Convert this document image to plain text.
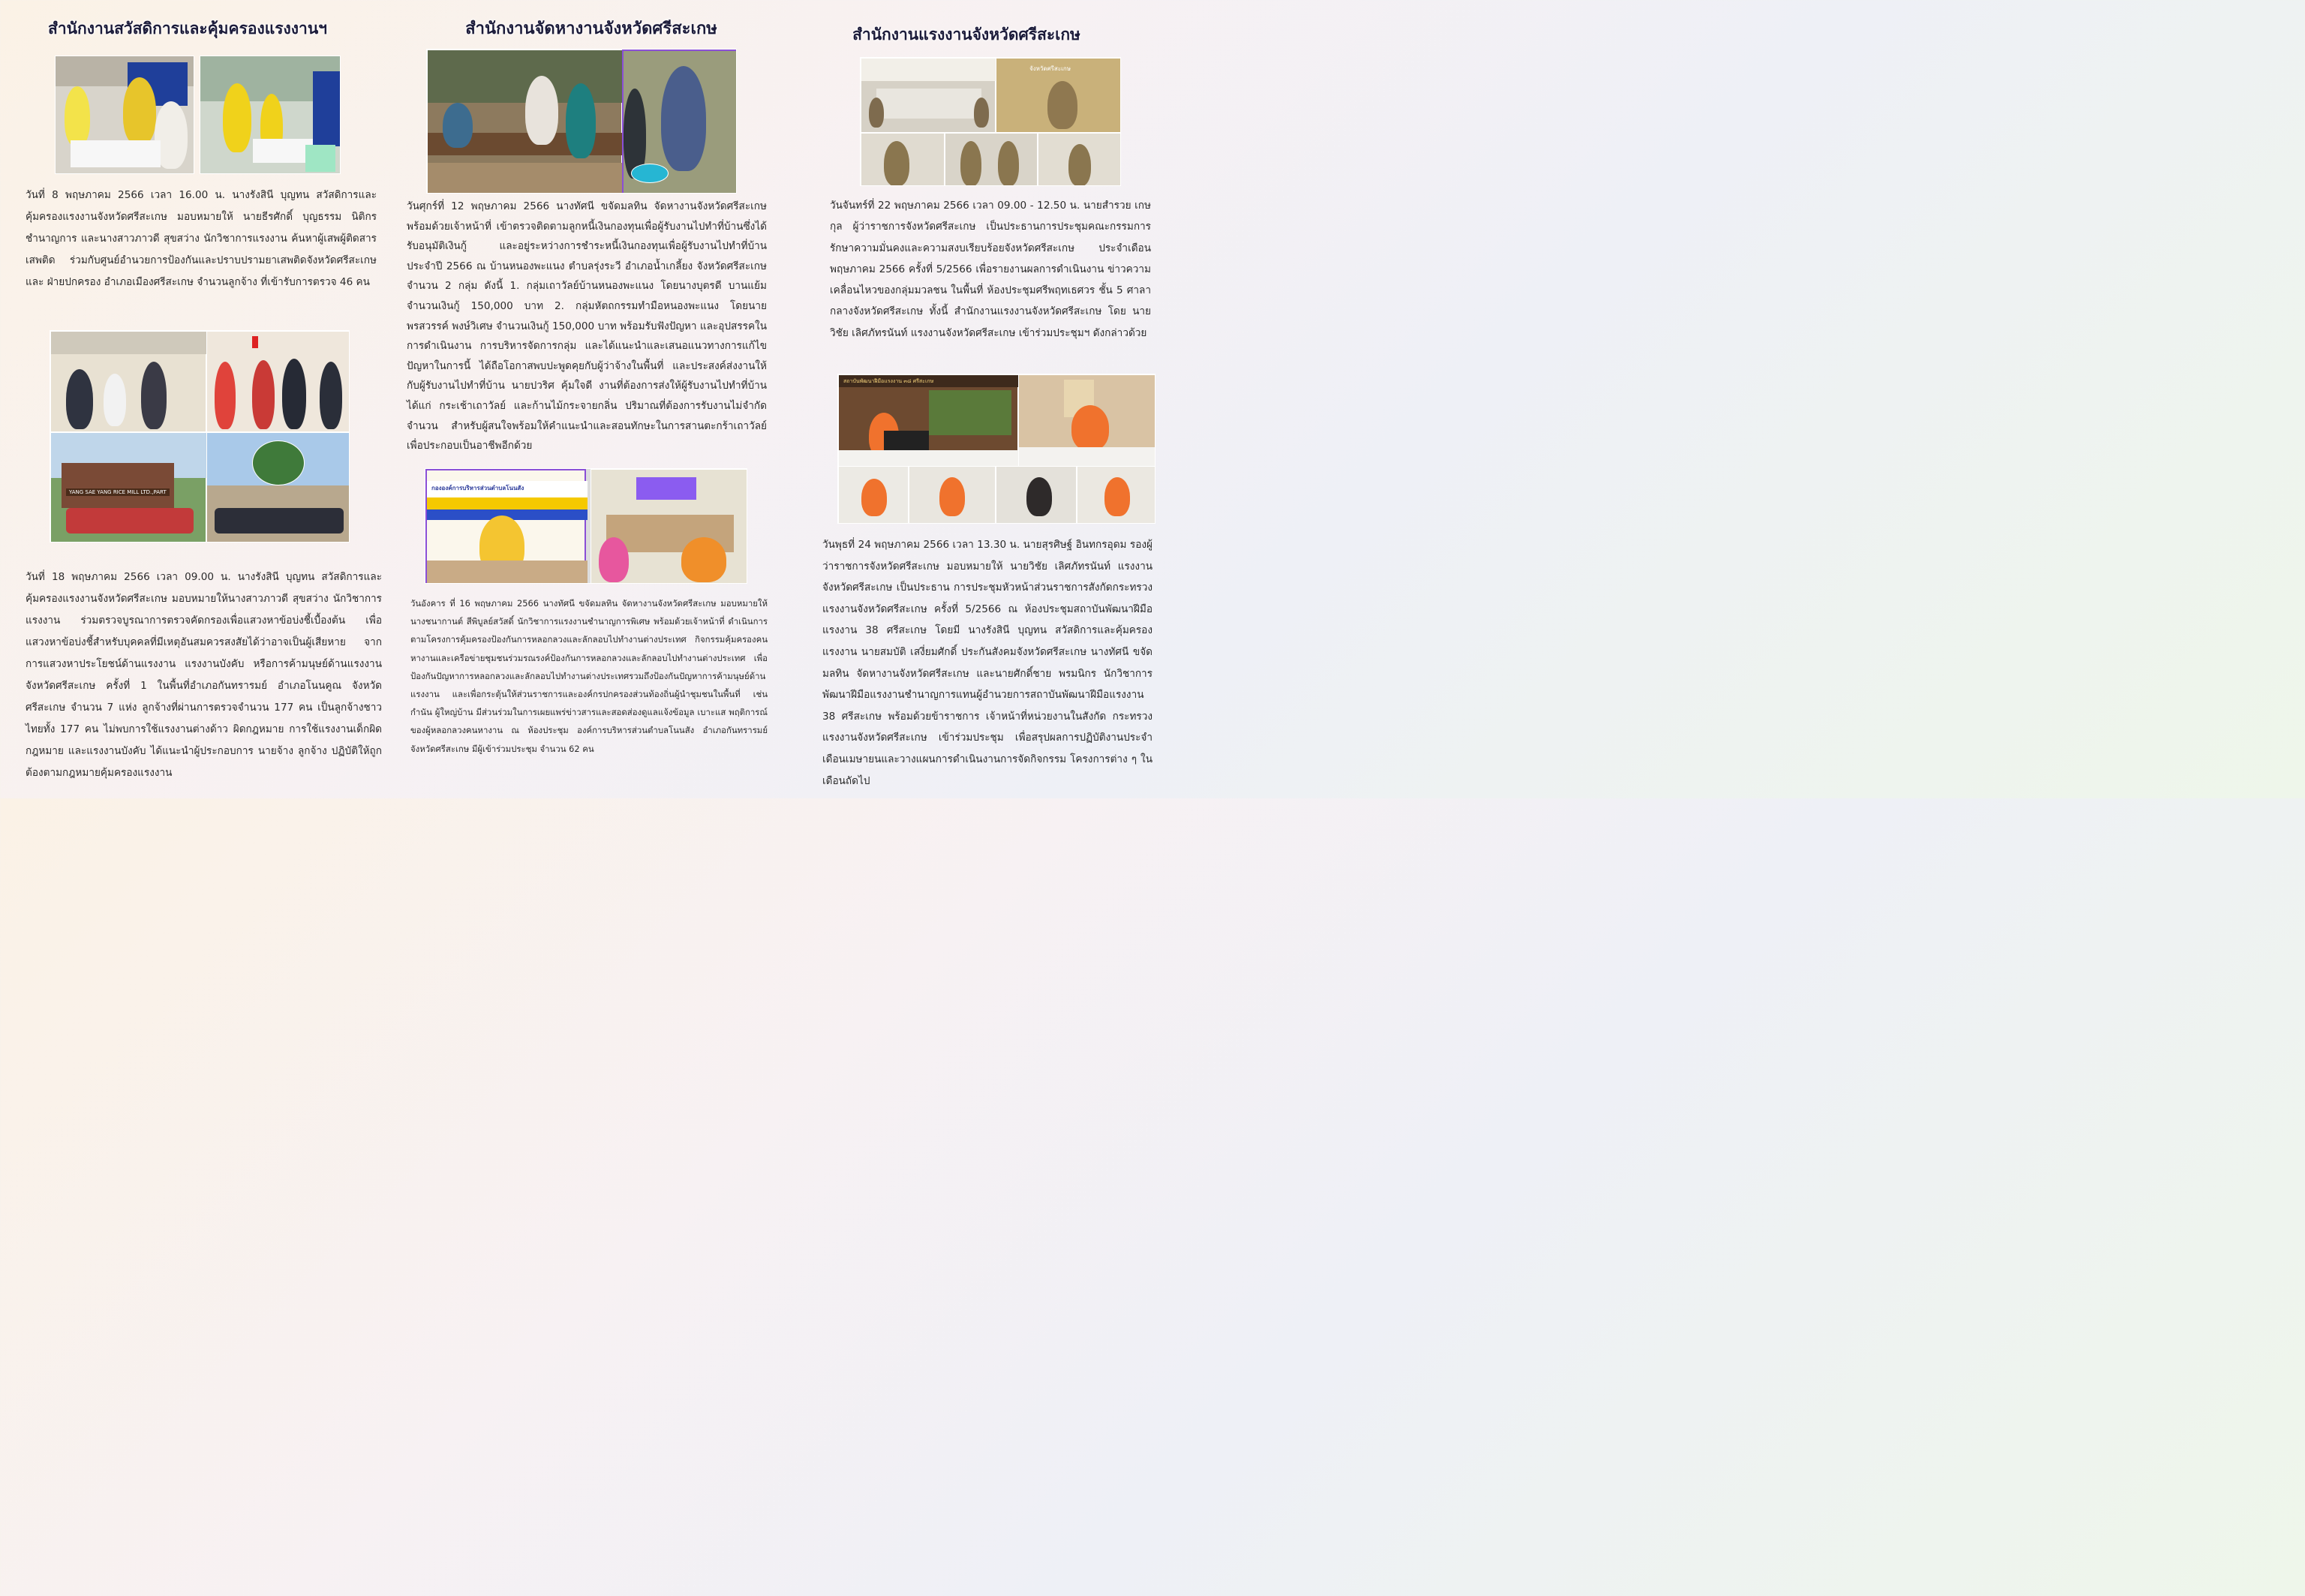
สำนักงานสวัสดิการและคุ้มครองแรงงานฯ

วันที่ 8 พฤษภาคม 2566 เวลา 16.00 น. นางรังสินี บุญทน สวัสดิการและคุ้มครองแรงงานจังหวัดศรีสะเกษ มอบหมายให้ นายธีรศักดิ์ บุญธรรม นิติกรชำนาญการ และนางสาวภาวดี สุขสว่าง นักวิชาการแรงงาน ค้นหาผู้เสพผู้ติดสารเสพติด ร่วมกับศูนย์อำนวยการป้องกันและปราบปรามยาเสพติดจังหวัดศรีสะเกษ และ ฝ่ายปกครอง อำเภอเมืองศรีสะเกษ จำนวนลูกจ้าง ที่เข้ารับการตรวจ 46 คน

YANG SAE YANG RICE MILL LTD.,PART

วันที่ 18 พฤษภาคม 2566 เวลา 09.00 น. นางรังสินี บุญทน สวัสดิการและคุ้มครองแรงงานจังหวัดศรีสะเกษ มอบหมายให้นางสาวภาวดี สุขสว่าง นักวิชาการแรงงาน ร่วมตรวจบูรณาการตรวจคัดกรองเพื่อแสวงหาข้อบ่งชี้เบื้องต้น เพื่อแสวงหาข้อบ่งชี้สำหรับบุคคลที่มีเหตุอันสมควรสงสัยได้ว่าอาจเป็นผู้เสียหาย จากการแสวงหาประโยชน์ด้านแรงงาน แรงงานบังคับ หรือการค้ามนุษย์ด้านแรงงาน จังหวัดศรีสะเกษ ครั้งที่ 1 ในพื้นที่อำเภอกันทรารมย์ อำเภอโนนคูณ จังหวัดศรีสะเกษ จำนวน 7 แห่ง ลูกจ้างที่ผ่านการตรวจจำนวน 177 คน เป็นลูกจ้างชาวไทยทั้ง 177 คน ไม่พบการใช้แรงงานต่างด้าว ผิดกฎหมาย การใช้แรงงานเด็กผิดกฎหมาย และแรงงานบังคับ ได้แนะนำผู้ประกอบการ นายจ้าง ลูกจ้าง ปฏิบัติให้ถูกต้องตามกฎหมายคุ้มครองแรงงาน

สำนักงานจัดหางานจังหวัดศรีสะเกษ

วันศุกร์ที่ 12 พฤษภาคม 2566 นางทัศนี ขจัดมลทิน จัดหางานจังหวัดศรีสะเกษ พร้อมด้วยเจ้าหน้าที่ เข้าตรวจติดตามลูกหนี้เงินกองทุนเพื่อผู้รับงานไปทำที่บ้านซึ่งได้รับอนุมัติเงินกู้ และอยู่ระหว่างการชำระหนี้เงินกองทุนเพื่อผู้รับงานไปทำที่บ้าน ประจำปี 2566 ณ บ้านหนองพะแนง ตำบลรุ่งระวี อำเภอน้ำเกลี้ยง จังหวัดศรีสะเกษ จำนวน 2 กลุ่ม ดังนี้ 1. กลุ่มเถาวัลย์บ้านหนองพะแนง โดยนางบุตรดี บานแย้ม จำนวนเงินกู้ 150,000 บาท 2. กลุ่มหัตถกรรมทำมือหนองพะแนง โดยนายพรสวรรค์ พงษ์วิเศษ จำนวนเงินกู้ 150,000 บาท พร้อมรับฟังปัญหา และอุปสรรคในการดำเนินงาน การบริหารจัดการกลุ่ม และได้แนะนำและเสนอแนวทางการแก้ไขปัญหาในการนี้ ได้ถือโอกาสพบปะพูดคุยกับผู้ว่าจ้างในพื้นที่ และประสงค์ส่งงานให้กับผู้รับงานไปทำที่บ้าน นายปวริศ คุ้มใจดี งานที่ต้องการส่งให้ผู้รับงานไปทำที่บ้าน ได้แก่ กระเช้าเถาวัลย์ และก้านไม้กระจายกลิ่น ปริมาณที่ต้องการรับงานไม่จำกัดจำนวน สำหรับผู้สนใจพร้อมให้คำแนะนำและสอนทักษะในการสานตะกร้าเถาวัลย์ เพื่อประกอบเป็นอาชีพอีกด้วย

กององค์การบริหารส่วนตำบลโนนสัง

วันอังคาร ที่ 16 พฤษภาคม 2566 นางทัศนี ขจัดมลทิน จัดหางานจังหวัดศรีสะเกษ มอบหมายให้ นางชนากานต์ สีพิบูลย์สวัสดิ์ นักวิชาการแรงงานชำนาญการพิเศษ พร้อมด้วยเจ้าหน้าที่ ดำเนินการตามโครงการคุ้มครองป้องกันการหลอกลวงและลักลอบไปทำงานต่างประเทศ กิจกรรมคุ้มครองคนหางานและเครือข่ายชุมชนร่วมรณรงค์ป้องกันการหลอกลวงและลักลอบไปทำงานต่างประเทศ เพื่อป้องกันปัญหาการหลอกลวงและลักลอบไปทำงานต่างประเทศรวมถึงป้องกันปัญหาการค้ามนุษย์ด้านแรงงาน และเพื่อกระตุ้นให้ส่วนราชการและองค์กรปกครองส่วนท้องถิ่นผู้นำชุมชนในพื้นที่ เช่น กำนัน ผู้ใหญ่บ้าน มีส่วนร่วมในการเผยแพร่ข่าวสารและสอดส่องดูแลแจ้งข้อมูล เบาะแส พฤติการณ์ของผู้หลอกลวงคนหางาน ณ ห้องประชุม องค์การบริหารส่วนตำบลโนนสัง อำเภอกันทรารมย์ จังหวัดศรีสะเกษ มีผู้เข้าร่วมประชุม จำนวน 62 คน

สำนักงานแรงงานจังหวัดศรีสะเกษ
จังหวัดศรีสะเกษ

วันจันทร์ที่ 22 พฤษภาคม 2566 เวลา 09.00 - 12.50 น. นายสำรวย เกษกุล ผู้ว่าราชการจังหวัดศรีสะเกษ เป็นประธานการประชุมคณะกรรมการรักษาความมั่นคงและความสงบเรียบร้อยจังหวัดศรีสะเกษ ประจำเดือนพฤษภาคม 2566 ครั้งที่ 5/2566 เพื่อรายงานผลการดำเนินงาน ข่าวความเคลื่อนไหวของกลุ่มมวลชน ในพื้นที่ ห้องประชุมศรีพฤทเธศวร ชั้น 5 ศาลากลางจังหวัดศรีสะเกษ ทั้งนี้ สำนักงานแรงงานจังหวัดศรีสะเกษ โดย นายวิชัย เลิศภัทรนันท์ แรงงานจังหวัดศรีสะเกษ เข้าร่วมประชุมฯ ดังกล่าวด้วย

สถาบันพัฒนาฝีมือแรงงาน ๓๘ ศรีสะเกษ

วันพุธที่ 24 พฤษภาคม 2566 เวลา 13.30 น. นายสุรศิษฐ์ อินทกรอุดม รองผู้ว่าราชการจังหวัดศรีสะเกษ มอบหมายให้ นายวิชัย เลิศภัทรนันท์ แรงงานจังหวัดศรีสะเกษ เป็นประธาน การประชุมหัวหน้าส่วนราชการสังกัดกระทรวงแรงงานจังหวัดศรีสะเกษ ครั้งที่ 5/2566 ณ ห้องประชุมสถาบันพัฒนาฝีมือแรงงาน 38 ศรีสะเกษ โดยมี นางรังสินี บุญทน สวัสดิการและคุ้มครองแรงงาน นายสมบัติ เสงี่ยมศักดิ์ ประกันสังคมจังหวัดศรีสะเกษ นางทัศนี ขจัดมลทิน จัดหางานจังหวัดศรีสะเกษ และนายศักดิ์ชาย พรมนิกร นักวิชาการพัฒนาฝีมือแรงงานชำนาญการแทนผู้อำนวยการสถาบันพัฒนาฝีมือแรงงาน 38 ศรีสะเกษ พร้อมด้วยข้าราชการ เจ้าหน้าที่หน่วยงานในสังกัด กระทรวงแรงงานจังหวัดศรีสะเกษ เข้าร่วมประชุม เพื่อสรุปผลการปฏิบัติงานประจำเดือนเมษายนและวางแผนการดำเนินงานการจัดกิจกรรม โครงการต่าง ๆ ในเดือนถัดไป
